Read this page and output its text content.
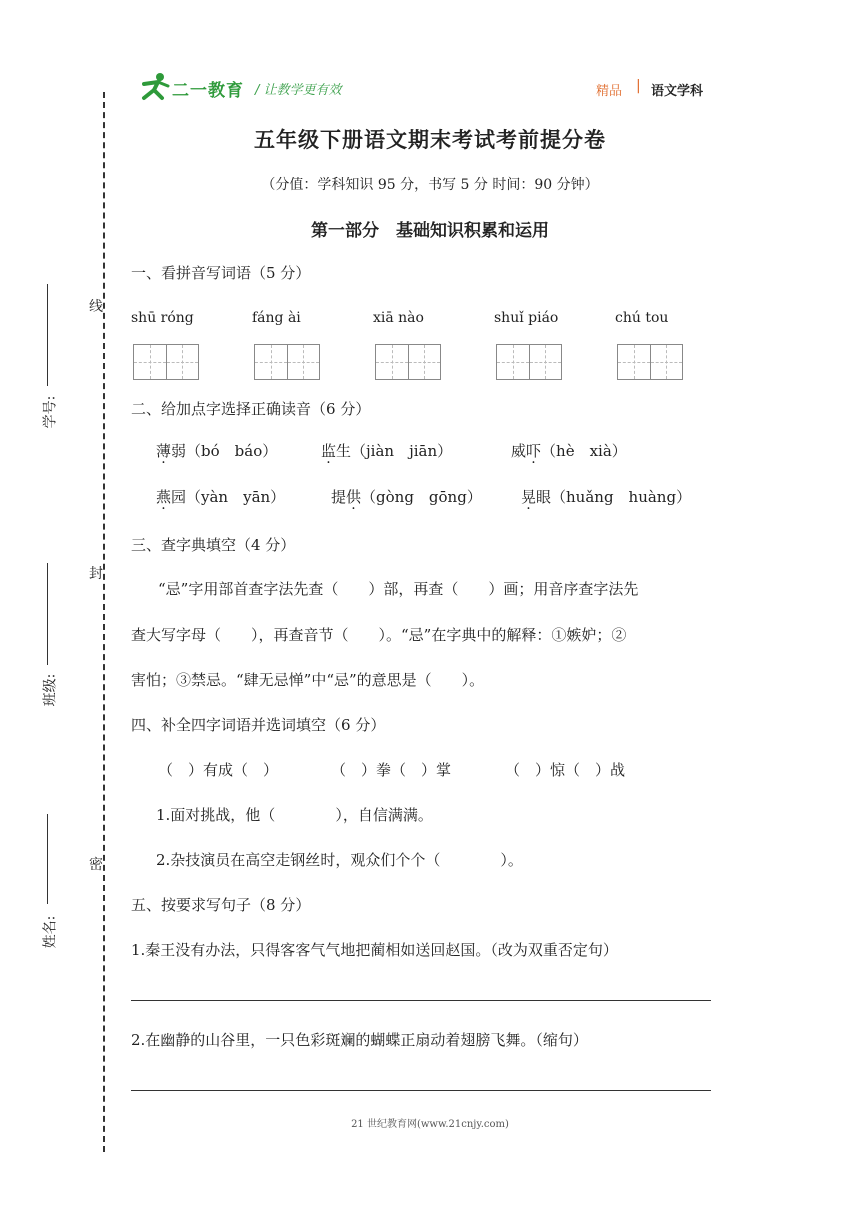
二一教育 / 让教学更有效	精品 | 语文学科
五年级下册语文期末考试考前提分卷
（分值：学科知识 95 分，书写 5 分 时间：90 分钟）
第一部分　基础知识积累和运用
线
封
密
学号:
班级:
姓名:
一、看拼音写词语（5 分）
shū róng	fáng ài	xiā nào	shuǐ piáo	chú tou
二、给加点字选择正确读音（6 分）
薄弱（bó　báo）	监生（jiàn　jiān）	威吓（hè　xià）
燕园（yàn　yān）	提供（gòng　gōng）	晃眼（huǎng　huàng）
三、查字典填空（4 分）
“忌”字用部首查字法先查（　　）部，再查（　　）画；用音序查字法先
查大写字母（　　），再查音节（　　）。“忌”在字典中的解释：①嫉妒；②
害怕；③禁忌。“肆无忌惮”中“忌”的意思是（　　）。
四、补全四字词语并选词填空（6 分）
（　）有成（　）	（　）拳（　）掌	（　）惊（　）战
1.面对挑战，他（　　　　），自信满满。
2.杂技演员在高空走钢丝时，观众们个个（　　　　）。
五、按要求写句子（8 分）
1.秦王没有办法，只得客客气气地把蔺相如送回赵国。（改为双重否定句）
2.在幽静的山谷里，一只色彩斑斓的蝴蝶正扇动着翅膀飞舞。（缩句）
21 世纪教育网(www.21cnjy.com)
